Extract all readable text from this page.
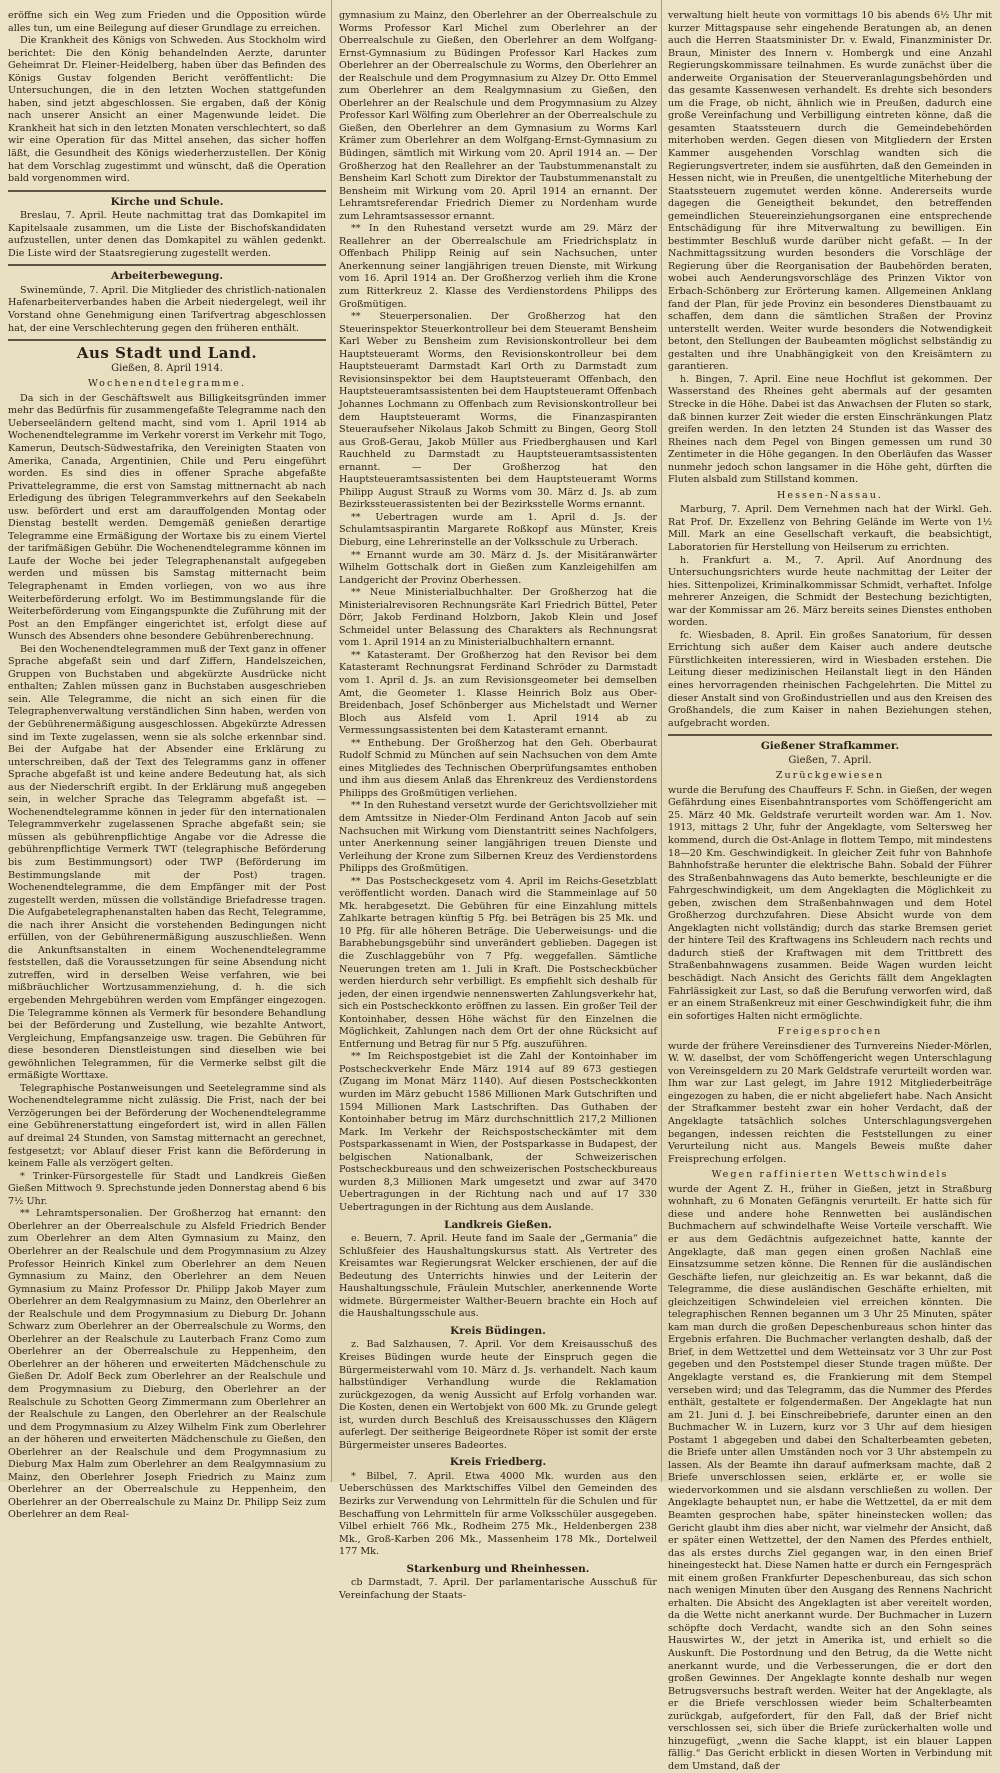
eröffne sich ein Weg zum Frieden und die Opposition würde alles tun, um eine Beilegung auf dieser Grundlage zu erreichen.

Die Krankheit des Königs von Schweden. Aus Stockholm wird berichtet: Die den König behandelnden Aerzte, darunter Geheimrat Dr. Fleiner-Heidelberg, haben über das Befinden des Königs Gustav folgenden Bericht veröffentlicht: Die Untersuchungen, die in den letzten Wochen stattgefunden haben, sind jetzt abgeschlossen. Sie ergaben, daß der König nach unserer Ansicht an einer Magenwunde leidet. Die Krankheit hat sich in den letzten Monaten verschlechtert, so daß wir eine Operation für das Mittel ansehen, das sicher hoffen läßt, die Gesundheit des Königs wiederherzustellen. Der König hat dem Vorschlag zugestimmt und wünscht, daß die Operation bald vorgenommen wird.

Kirche und Schule.

Breslau, 7. April. Heute nachmittag trat das Domkapitel im Kapitelsaale zusammen, um die Liste der Bischofskandidaten aufzustellen, unter denen das Domkapitel zu wählen gedenkt. Die Liste wird der Staatsregierung zugestellt werden.

Arbeiterbewegung.

Swinemünde, 7. April. Die Mitglieder des christlich-nationalen Hafenarbeiterverbandes haben die Arbeit niedergelegt, weil ihr Vorstand ohne Genehmigung einen Tarifvertrag abgeschlossen hat, der eine Verschlechterung gegen den früheren enthält.

Aus Stadt und Land.
Gießen, 8. April 1914.
Wochenendtelegramme.

Da sich in der Geschäftswelt aus Billigkeitsgründen immer mehr das Bedürfnis für zusammengefaßte Telegramme nach den Ueberseeländern geltend macht, sind vom 1. April 1914 ab Wochenendtelegramme im Verkehr vorerst im Verkehr mit Togo, Kamerun, Deutsch-Südwestafrika, den Vereinigten Staaten von Amerika, Canada, Argentinien, Chile und Peru eingeführt worden. Es sind dies in offener Sprache abgefaßte Privattelegramme, die erst von Samstag mittnernacht ab nach Erledigung des übrigen Telegrammverkehrs auf den Seekabeln usw. befördert und erst am darauffolgenden Montag oder Dienstag bestellt werden. Demgemäß genießen derartige Telegramme eine Ermäßigung der Wortaxe bis zu einem Viertel der tarifmäßigen Gebühr. Die Wochenendtelegramme können im Laufe der Woche bei jeder Telegraphenanstalt aufgegeben werden und müssen bis Samstag mitternacht beim Telegraphenamt in Emden vorliegen, von wo aus ihre Weiterbeförderung erfolgt. Wo im Bestimmungslande für die Weiterbeförderung vom Eingangspunkte die Zuführung mit der Post an den Empfänger eingerichtet ist, erfolgt diese auf Wunsch des Absenders ohne besondere Gebührenberechnung.

Bei den Wochenendtelegrammen muß der Text ganz in offener Sprache abgefaßt sein und darf Ziffern, Handelszeichen, Gruppen von Buchstaben und abgekürzte Ausdrücke nicht enthalten; Zahlen müssen ganz in Buchstaben ausgeschrieben sein. Alle Telegramme, die nicht an sich einen für die Telegraphenverwaltung verständlichen Sinn haben, werden von der Gebührenermäßigung ausgeschlossen. Abgekürzte Adressen sind im Texte zugelassen, wenn sie als solche erkennbar sind. Bei der Aufgabe hat der Absender eine Erklärung zu unterschreiben, daß der Text des Telegramms ganz in offener Sprache abgefaßt ist und keine andere Bedeutung hat, als sich aus der Niederschrift ergibt. In der Erklärung muß angegeben sein, in welcher Sprache das Telegramm abgefaßt ist. — Wochenendtelegramme können in jeder für den internationalen Telegrammverkehr zugelassenen Sprache abgefaßt sein; sie müssen als gebührenpflichtige Angabe vor die Adresse die gebührenpflichtige Vermerk TWT (telegraphische Beförderung bis zum Bestimmungsort) oder TWP (Beförderung im Bestimmungslande mit der Post) tragen. Wochenendtelegramme, die dem Empfänger mit der Post zugestellt werden, müssen die vollständige Briefadresse tragen. Die Aufgabetelegraphenanstalten haben das Recht, Telegramme, die nach ihrer Ansicht die vorstehenden Bedingungen nicht erfüllen, von der Gebührenermäßigung auszuschließen. Wenn die Ankunftsanstalten in einem Wochenendtelegramme feststellen, daß die Voraussetzungen für seine Absendung nicht zutreffen, wird in derselben Weise verfahren, wie bei mißbräuchlicher Wortzusammenziehung, d. h. die sich ergebenden Mehrgebühren werden vom Empfänger eingezogen. Die Telegramme können als Vermerk für besondere Behandlung bei der Beförderung und Zustellung, wie bezahlte Antwort, Vergleichung, Empfangsanzeige usw. tragen. Die Gebühren für diese besonderen Dienstleistungen sind dieselben wie bei gewöhnlichen Telegrammen, für die Vermerke selbst gilt die ermäßigte Worttaxe.

Telegraphische Postanweisungen und Seetelegramme sind als Wochenendtelegramme nicht zulässig. Die Frist, nach der bei Verzögerungen bei der Beförderung der Wochenendtelegramme eine Gebührenerstattung eingefordert ist, wird in allen Fällen auf dreimal 24 Stunden, von Samstag mitternacht an gerechnet, festgesetzt; vor Ablauf dieser Frist kann die Beförderung in keinem Falle als verzögert gelten.

* Trinker-Fürsorgestelle für Stadt und Landkreis Gießen Gießen Mittwoch 9. Sprechstunde jeden Donnerstag abend 6 bis 7½ Uhr.

** Lehramtspersonalien. Der Großherzog hat ernannt: den Oberlehrer an der Oberrealschule zu Alsfeld Friedrich Bender zum Oberlehrer an dem Alten Gymnasium zu Mainz, den Oberlehrer an der Realschule und dem Progymnasium zu Alzey Professor Heinrich Kinkel zum Oberlehrer an dem Neuen Gymnasium zu Mainz, den Oberlehrer an dem Neuen Gymnasium zu Mainz Professor Dr. Philipp Jakob Mayer zum Oberlehrer an dem Realgymnasium zu Mainz, den Oberlehrer an der Realschule und dem Progymnasium zu Dieburg Dr. Johann Schwarz zum Oberlehrer an der Oberrealschule zu Worms, den Oberlehrer an der Realschule zu Lauterbach Franz Como zum Oberlehrer an der Oberrealschule zu Heppenheim, den Oberlehrer an der höheren und erweiterten Mädchenschule zu Gießen Dr. Adolf Beck zum Oberlehrer an der Realschule und dem Progymnasium zu Dieburg, den Oberlehrer an der Realschule zu Schotten Georg Zimmermann zum Oberlehrer an der Realschule zu Langen, den Oberlehrer an der Realschule und dem Progymnasium zu Alzey Wilhelm Fink zum Oberlehrer an der höheren und erweiterten Mädchenschule zu Gießen, den Oberlehrer an der Realschule und dem Progymnasium zu Dieburg Max Halm zum Oberlehrer an dem Realgymnasium zu Mainz, den Oberlehrer Joseph Friedrich zu Mainz zum Oberlehrer an der Oberrealschule zu Heppenheim, den Oberlehrer an der Oberrealschule zu Mainz Dr. Philipp Seiz zum Oberlehrer an dem Real-

gymnasium zu Mainz, den Oberlehrer an der Oberrealschule zu Worms Professor Karl Michel zum Oberlehrer an der Oberrealschule zu Gießen, den Oberlehrer an dem Wolfgang-Ernst-Gymnasium zu Büdingen Professor Karl Hackes zum Oberlehrer an der Oberrealschule zu Worms, den Oberlehrer an der Realschule und dem Progymnasium zu Alzey Dr. Otto Emmel zum Oberlehrer an dem Realgymnasium zu Gießen, den Oberlehrer an der Realschule und dem Progymnasium zu Alzey Professor Karl Wölfing zum Oberlehrer an der Oberrealschule zu Gießen, den Oberlehrer an dem Gymnasium zu Worms Karl Krämer zum Oberlehrer an dem Wolfgang-Ernst-Gymnasium zu Büdingen, sämtlich mit Wirkung vom 20. April 1914 an. — Der Großherzog hat den Reallehrer an der Taubstummenanstalt zu Bensheim Karl Schott zum Direktor der Taubstummenanstalt zu Bensheim mit Wirkung vom 20. April 1914 an ernannt. Der Lehramtsreferendar Friedrich Diemer zu Nordenham wurde zum Lehramtsassessor ernannt.

** In den Ruhestand versetzt wurde am 29. März der Reallehrer an der Oberrealschule am Friedrichsplatz in Offenbach Philipp Reinig auf sein Nachsuchen, unter Anerkennung seiner langjährigen treuen Dienste, mit Wirkung vom 16. April 1914 an. Der Großherzog verlieh ihm die Krone zum Ritterkreuz 2. Klasse des Verdienstordens Philipps des Großmütigen.

** Steuerpersonalien. Der Großherzog hat den Steuerinspektor Steuerkontrolleur bei dem Steueramt Bensheim Karl Weber zu Bensheim zum Revisionskontrolleur bei dem Hauptsteueramt Worms, den Revisionskontrolleur bei dem Hauptsteueramt Darmstadt Karl Orth zu Darmstadt zum Revisionsinspektor bei dem Hauptsteueramt Offenbach, den Hauptsteueramtsassistenten bei dem Hauptsteueramt Offenbach Johannes Lochmann zu Offenbach zum Revisionskontrolleur bei dem Hauptsteueramt Worms, die Finanzaspiranten Steueraufseher Nikolaus Jakob Schmitt zu Bingen, Georg Stoll aus Groß-Gerau, Jakob Müller aus Friedberghausen und Karl Rauchheld zu Darmstadt zu Hauptsteueramtsassistenten ernannt. — Der Großherzog hat den Hauptsteueramtsassistenten bei dem Hauptsteueramt Worms Philipp August Strauß zu Worms vom 30. März d. Js. ab zum Bezirkssteuerassistenten bei der Bezirksstelle Worms ernannt.

** Uebertragen wurde am 1. April d. Js. der Schulamtsaspirantin Margarete Roßkopf aus Münster, Kreis Dieburg, eine Lehrerinstelle an der Volksschule zu Urberach.

** Ernannt wurde am 30. März d. Js. der Misitäranwärter Wilhelm Gottschalk dort in Gießen zum Kanzleigehilfen am Landgericht der Provinz Oberhessen.

** Neue Ministerialbuchhalter. Der Großherzog hat die Ministerialrevisoren Rechnungsräte Karl Friedrich Büttel, Peter Dörr, Jakob Ferdinand Holzborn, Jakob Klein und Josef Schmeidel unter Belassung des Charakters als Rechnungsrat vom 1. April 1914 an zu Ministerialbuchhaltern ernannt.

** Katasteramt. Der Großherzog hat den Revisor bei dem Katasteramt Rechnungsrat Ferdinand Schröder zu Darmstadt vom 1. April d. Js. an zum Revisionsgeometer bei demselben Amt, die Geometer 1. Klasse Heinrich Bolz aus Ober-Breidenbach, Josef Schönberger aus Michelstadt und Werner Bloch aus Alsfeld vom 1. April 1914 ab zu Vermessungsassistenten bei dem Katasteramt ernannt.

** Enthebung. Der Großherzog hat den Geh. Oberbaurat Rudolf Schmid zu München auf sein Nachsuchen von dem Amte eines Mitgliedes des Technischen Oberprüfungsamtes enthoben und ihm aus diesem Anlaß das Ehrenkreuz des Verdienstordens Philipps des Großmütigen verliehen.

** In den Ruhestand versetzt wurde der Gerichtsvollzieher mit dem Amtssitze in Nieder-Olm Ferdinand Anton Jacob auf sein Nachsuchen mit Wirkung vom Dienstantritt seines Nachfolgers, unter Anerkennung seiner langjährigen treuen Dienste und Verleihung der Krone zum Silbernen Kreuz des Verdienstordens Philipps des Großmütigen.

** Das Postscheckgesetz vom 4. April im Reichs-Gesetzblatt veröffentlicht worden. Danach wird die Stammeinlage auf 50 Mk. herabgesetzt. Die Gebühren für eine Einzahlung mittels Zahlkarte betragen künftig 5 Pfg. bei Beträgen bis 25 Mk. und 10 Pfg. für alle höheren Beträge. Die Ueberweisungs- und die Barabhebungsgebühr sind unverändert geblieben. Dagegen ist die Zuschlaggebühr von 7 Pfg. weggefallen. Sämtliche Neuerungen treten am 1. Juli in Kraft. Die Postscheckbücher werden hierdurch sehr verbilligt. Es empfiehlt sich deshalb für jeden, der einen irgendwie nennenswerten Zahlungsverkehr hat, sich ein Postscheckkonto eröffnen zu lassen. Ein großer Teil der Kontoinhaber, dessen Höhe wächst für den Einzelnen die Möglichkeit, Zahlungen nach dem Ort der ohne Rücksicht auf Entfernung und Betrag für nur 5 Pfg. auszuführen.

** Im Reichspostgebiet ist die Zahl der Kontoinhaber im Postscheckverkehr Ende März 1914 auf 89 673 gestiegen (Zugang im Monat März 1140). Auf diesen Postscheckkonten wurden im März gebucht 1586 Millionen Mark Gutschriften und 1594 Millionen Mark Lastschriften. Das Guthaben der Kontoinhaber betrug im März durchschnittlich 217,2 Millionen Mark. Im Verkehr der Reichspostscheckämter mit dem Postsparkassenamt in Wien, der Postsparkasse in Budapest, der belgischen Nationalbank, der Schweizerischen Postscheckbureaus und den schweizerischen Postscheckbureaus wurden 8,3 Millionen Mark umgesetzt und zwar auf 3470 Uebertragungen in der Richtung nach und auf 17 330 Uebertragungen in der Richtung aus dem Auslande.

Landkreis Gießen.

e. Beuern, 7. April. Heute fand im Saale der „Germania“ die Schlußfeier des Haushaltungskursus statt. Als Vertreter des Kreisamtes war Regierungsrat Welcker erschienen, der auf die Bedeutung des Unterrichts hinwies und der Leiterin der Haushaltungsschule, Fräulein Mutschler, anerkennende Worte widmete. Bürgermeister Walther-Beuern brachte ein Hoch auf die Haushaltungsschule aus.

Kreis Büdingen.

z. Bad Salzhausen, 7. April. Vor dem Kreisausschuß des Kreises Büdingen wurde heute der Einspruch gegen die Bürgermeisterwahl vom 10. März d. Js. verhandelt. Nach kaum halbstündiger Verhandlung wurde die Reklamation zurückgezogen, da wenig Aussicht auf Erfolg vorhanden war. Die Kosten, denen ein Wertobjekt von 600 Mk. zu Grunde gelegt ist, wurden durch Beschluß des Kreisausschusses den Klägern auferlegt. Der seitherige Beigeordnete Röper ist somit der erste Bürgermeister unseres Badeortes.

Kreis Friedberg.

* Bilbel, 7. April. Etwa 4000 Mk. wurden aus den Ueberschüssen des Marktschiffes Vilbel den Gemeinden des Bezirks zur Verwendung von Lehrmitteln für die Schulen und für Beschaffung von Lehrmitteln für arme Volksschüler ausgegeben. Vilbel erhielt 766 Mk., Rodheim 275 Mk., Heldenbergen 238 Mk., Groß-Karben 206 Mk., Massenheim 178 Mk., Dortelweil 177 Mk.

Starkenburg und Rheinhessen.

cb Darmstadt, 7. April. Der parlamentarische Ausschuß für Vereinfachung der Staats-

verwaltung hielt heute von vormittags 10 bis abends 6½ Uhr mit kurzer Mittagspause sehr eingehende Beratungen ab, an denen auch die Herren Staatsminister Dr. v. Ewald, Finanzminister Dr. Braun, Minister des Innern v. Hombergk und eine Anzahl Regierungskommissare teilnahmen. Es wurde zunächst über die anderweite Organisation der Steuerveranlagungsbehörden und das gesamte Kassenwesen verhandelt. Es drehte sich besonders um die Frage, ob nicht, ähnlich wie in Preußen, dadurch eine große Vereinfachung und Verbilligung eintreten könne, daß die gesamten Staatssteuern durch die Gemeindebehörden miterhoben werden. Gegen diesen von Mitgliedern der Ersten Kammer ausgehenden Vorschlag wandten sich die Regierungsvertreter, indem sie ausführten, daß den Gemeinden in Hessen nicht, wie in Preußen, die unentgeltliche Miterhebung der Staatssteuern zugemutet werden könne. Andererseits wurde dagegen die Geneigtheit bekundet, den betreffenden gemeindlichen Steuereinziehungsorganen eine entsprechende Entschädigung für ihre Mitverwaltung zu bewilligen. Ein bestimmter Beschluß wurde darüber nicht gefaßt. — In der Nachmittagssitzung wurden besonders die Vorschläge der Regierung über die Reorganisation der Baubehörden beraten, wobei auch Aenderungsvorschläge des Prinzen Viktor von Erbach-Schönberg zur Erörterung kamen. Allgemeinen Anklang fand der Plan, für jede Provinz ein besonderes Dienstbauamt zu schaffen, dem dann die sämtlichen Straßen der Provinz unterstellt werden. Weiter wurde besonders die Notwendigkeit betont, den Stellungen der Baubeamten möglichst selbständig zu gestalten und ihre Unabhängigkeit von den Kreisämtern zu garantieren.

h. Bingen, 7. April. Eine neue Hochflut ist gekommen. Der Wasserstand des Rheines geht abermals auf der gesamten Strecke in die Höhe. Dabei ist das Anwachsen der Fluten so stark, daß binnen kurzer Zeit wieder die ersten Einschränkungen Platz greifen werden. In den letzten 24 Stunden ist das Wasser des Rheines nach dem Pegel von Bingen gemessen um rund 30 Zentimeter in die Höhe gegangen. In den Oberläufen das Wasser nunmehr jedoch schon langsamer in die Höhe geht, dürften die Fluten alsbald zum Stillstand kommen.

Hessen-Nassau.

Marburg, 7. April. Dem Vernehmen nach hat der Wirkl. Geh. Rat Prof. Dr. Exzellenz von Behring Gelände im Werte von 1½ Mill. Mark an eine Gesellschaft verkauft, die beabsichtigt, Laboratorien für Herstellung von Heilserum zu errichten.

h. Frankfurt a. M., 7. April. Auf Anordnung des Untersuchungsrichters wurde heute nachmittag der Leiter der hies. Sittenpolizei, Kriminalkommissar Schmidt, verhaftet. Infolge mehrerer Anzeigen, die Schmidt der Bestechung bezichtigten, war der Kommissar am 26. März bereits seines Dienstes enthoben worden.

fc. Wiesbaden, 8. April. Ein großes Sanatorium, für dessen Errichtung sich außer dem Kaiser auch andere deutsche Fürstlichkeiten interessieren, wird in Wiesbaden erstehen. Die Leitung dieser medizinischen Heilanstalt liegt in den Händen eines hervorragenden rheinischen Fachgelehrten. Die Mittel zu dieser Anstalt sind von Großindustriellen und aus den Kreisen des Großhandels, die zum Kaiser in nahen Beziehungen stehen, aufgebracht worden.

Gießener Strafkammer.
Gießen, 7. April.
Zurückgewiesen

wurde die Berufung des Chauffeurs F. Schn. in Gießen, der wegen Gefährdung eines Eisenbahntransportes vom Schöffengericht am 25. März 40 Mk. Geldstrafe verurteilt worden war. Am 1. Nov. 1913, mittags 2 Uhr, fuhr der Angeklagte, vom Seltersweg her kommend, durch die Ost-Anlage in flottem Tempo, mit mindestens 18—20 Km. Geschwindigkeit. In gleicher Zeit fuhr von Bahnhofe Bahnhofstraße herunter die elektrische Bahn. Sobald der Führer des Straßenbahnwagens das Auto bemerkte, beschleunigte er die Fahrgeschwindigkeit, um dem Angeklagten die Möglichkeit zu geben, zwischen dem Straßenbahnwagen und dem Hotel Großherzog durchzufahren. Diese Absicht wurde von dem Angeklagten nicht vollständig; durch das starke Bremsen geriet der hintere Teil des Kraftwagens ins Schleudern nach rechts und dadurch stieß der Kraftwagen mit dem Trittbrett des Straßenbahnwagens zusammen. Beide Wagen wurden leicht beschädigt. Nach Ansicht des Gerichts fällt dem Angeklagten Fahrlässigkeit zur Last, so daß die Berufung verworfen wird, daß er an einem Straßenkreuz mit einer Geschwindigkeit fuhr, die ihm ein sofortiges Halten nicht ermöglichte.

Freigesprochen

wurde der frühere Vereinsdiener des Turnvereins Nieder-Mörlen, W. W. daselbst, der vom Schöffengericht wegen Unterschlagung von Vereinsgeldern zu 20 Mark Geldstrafe verurteilt worden war. Ihm war zur Last gelegt, im Jahre 1912 Mitgliederbeiträge eingezogen zu haben, die er nicht abgeliefert habe. Nach Ansicht der Strafkammer besteht zwar ein hoher Verdacht, daß der Angeklagte tatsächlich solches Unterschlagungsvergehen begangen, indessen reichten die Feststellungen zu einer Verurteilung nicht aus. Mangels Beweis mußte daher Freisprechung erfolgen.

Wegen raffinierten Wettschwindels

wurde der Agent Z. H., früher in Gießen, jetzt in Straßburg wohnhaft, zu 6 Monaten Gefängnis verurteilt. Er hatte sich für diese und andere hohe Rennwetten bei ausländischen Buchmachern auf schwindelhafte Weise Vorteile verschafft. Wie er aus dem Gedächtnis aufgezeichnet hatte, kannte der Angeklagte, daß man gegen einen großen Nachlaß eine Einsatzsumme setzen könne. Die Rennen für die ausländischen Geschäfte liefen, nur gleichzeitig an. Es war bekannt, daß die Telegramme, die diese ausländischen Geschäfte erhielten, mit gleichzeitigen Schwindeleien viel erreichen könnten. Die telegraphischen Rennen begannen um 3 Uhr 25 Minuten, später kam man durch die großen Depeschenbureaus schon hinter das Ergebnis erfahren. Die Buchmacher verlangten deshalb, daß der Brief, in dem Wettzettel und dem Wetteinsatz vor 3 Uhr zur Post gegeben und den Poststempel dieser Stunde tragen müßte. Der Angeklagte verstand es, die Frankierung mit dem Stempel verseben wird; und das Telegramm, das die Nummer des Pferdes enthält, gestaltete er folgendermaßen. Der Angeklagte hat nun am 21. Juni d. J. bei Einschreibebriefe, darunter einen an den Buchmacher W. in Luzern, kurz vor 3 Uhr auf dem hiesigen Postamt 1 abgegeben und dabei den Schalterbeamten gebeten, die Briefe unter allen Umständen noch vor 3 Uhr abstempeln zu lassen. Als der Beamte ihn darauf aufmerksam machte, daß 2 Briefe unverschlossen seien, erklärte er, er wolle sie wiedervorkommen und sie alsdann verschließen zu wollen. Der Angeklagte behauptet nun, er habe die Wettzettel, da er mit dem Beamten gesprochen habe, später hineinstecken wollen; das Gericht glaubt ihm dies aber nicht, war vielmehr der Ansicht, daß er später einen Wettzettel, der den Namen des Pferdes enthielt, das als erstes durchs Ziel gegangen war, in den einen Brief hineingesteckt hat. Diese Namen hatte er durch ein Ferngespräch mit einem großen Frankfurter Depeschenbureau, das sich schon nach wenigen Minuten über den Ausgang des Rennens Nachricht erhalten. Die Absicht des Angeklagten ist aber vereitelt worden, da die Wette nicht anerkannt wurde. Der Buchmacher in Luzern schöpfte doch Verdacht, wandte sich an den Sohn seines Hauswirtes W., der jetzt in Amerika ist, und erhielt so die Auskunft. Die Postordnung und den Betrug, da die Wette nicht anerkannt wurde, und die Verbesserungen, die er dort den großen Gewinnes. Der Angeklagte konnte deshalb nur wegen Betrugsversuchs bestraft werden. Weiter hat der Angeklagte, als er die Briefe verschlossen wieder beim Schalterbeamten zurückgab, aufgefordert, für den Fall, daß der Brief nicht verschlossen sei, sich über die Briefe zurückerhalten wolle und hinzugefügt, „wenn die Sache klappt, ist ein blauer Lappen fällig.“ Das Gericht erblickt in diesen Worten in Verbindung mit dem Umstand, daß der
